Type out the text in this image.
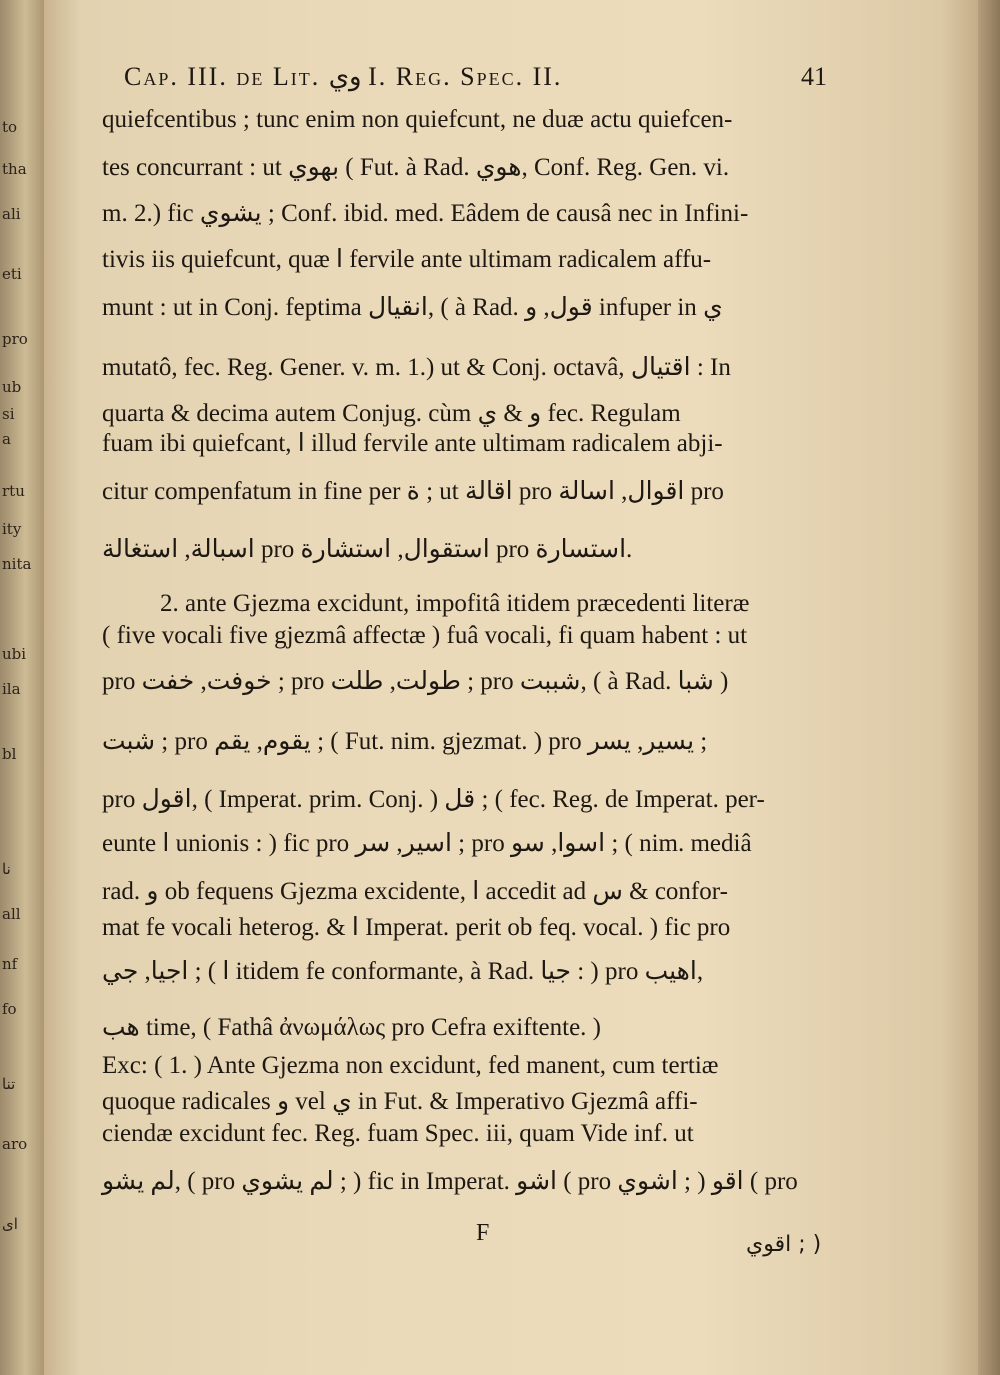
to
tha
ali
eti
pro
ub
si
a
rtu
ity
nita
ubi
ila
bl
نا
all
nf
fo
تنا
aro
ای
Cap. III. de Lit. وي I. Reg. Spec. II.	41
quiefcentibus ; tunc enim non quiefcunt, ne duæ actu quiefcen-
tes concurrant : ut بهوي ( Fut. à Rad. هوي, Conf. Reg. Gen. vi.
m. 2.) fic يشوي ; Conf. ibid. med. Eâdem de causâ nec in Infini-
tivis iis quiefcunt, quæ ا fervile ante ultimam radicalem affu-
munt : ut in Conj. feptima انقيال, ( à Rad. قول, و infuper in ي
mutatô, fec. Reg. Gener. v. m. 1.) ut & Conj. octavâ, اقتيال : In
quarta & decima autem Conjug. cùm و & ي fec. Regulam
fuam ibi quiefcant, ا illud fervile ante ultimam radicalem abji-
citur compenfatum in fine per ة ; ut اقالة pro اقوال, اسالة pro
اسبالة, استغالة pro استقوال, استشارة pro استسارة.
2. ante Gjezma excidunt, impofitâ itidem præcedenti literæ
( five vocali five gjezmâ affectæ ) fuâ vocali, fi quam habent : ut
pro خوفت, خفت ; pro طولت, طلت ; pro شببت, ( à Rad. شبا )
شبت ; pro يقوم, يقم ; ( Fut. nim. gjezmat. ) pro يسير, يسر ;
pro اقول, ( Imperat. prim. Conj. ) قل ; ( fec. Reg. de Imperat. per-
eunte ا unionis : ) fic pro اسير, سر ; pro اسوا, سو ; ( nim. mediâ
rad. و ob fequens Gjezma excidente, ا accedit ad س & confor-
mat fe vocali heterog. & ا Imperat. perit ob feq. vocal. ) fic pro
اجيا, جي ; ( ا itidem fe conformante, à Rad. جيا : ) pro اهيب,
هب time, ( Fathâ ἀνωμάλως pro Cefra exiftente. )
Exc: ( 1. ) Ante Gjezma non excidunt, fed manent, cum tertiæ
quoque radicales و vel ي in Fut. & Imperativo Gjezmâ affi-
ciendæ excidunt fec. Reg. fuam Spec. iii, quam Vide inf. ut
لم يشو, ( pro لم يشوي ; ) fic in Imperat. اشو ( pro اشوي ; ) اقو ( pro
F	اقوي ; )
